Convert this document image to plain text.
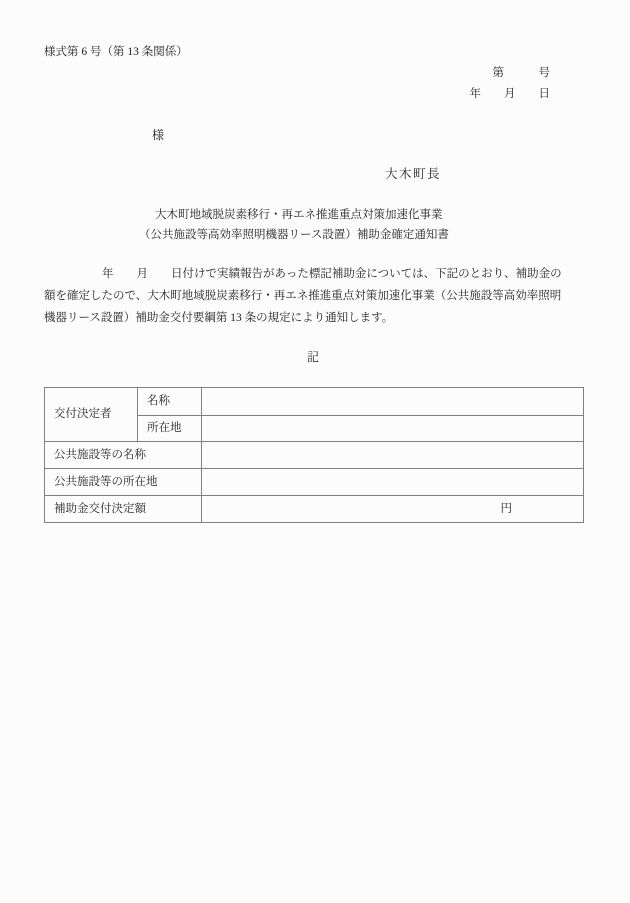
様式第 6 号（第 13 条関係）
第　　　号
年　　月　　日
様
大木町長
大木町地域脱炭素移行・再エネ推進重点対策加速化事業
（公共施設等高効率照明機器リース設置）補助金確定通知書
年　　月　　日付けで実績報告があった標記補助金については、下記のとおり、補助金の
額を確定したので、大木町地域脱炭素移行・再エネ推進重点対策加速化事業（公共施設等高効率照明
機器リース設置）補助金交付要綱第 13 条の規定により通知します。
記
交付決定者	名称	
	所在地	
公共施設等の名称		
公共施設等の所在地		
補助金交付決定額		円
